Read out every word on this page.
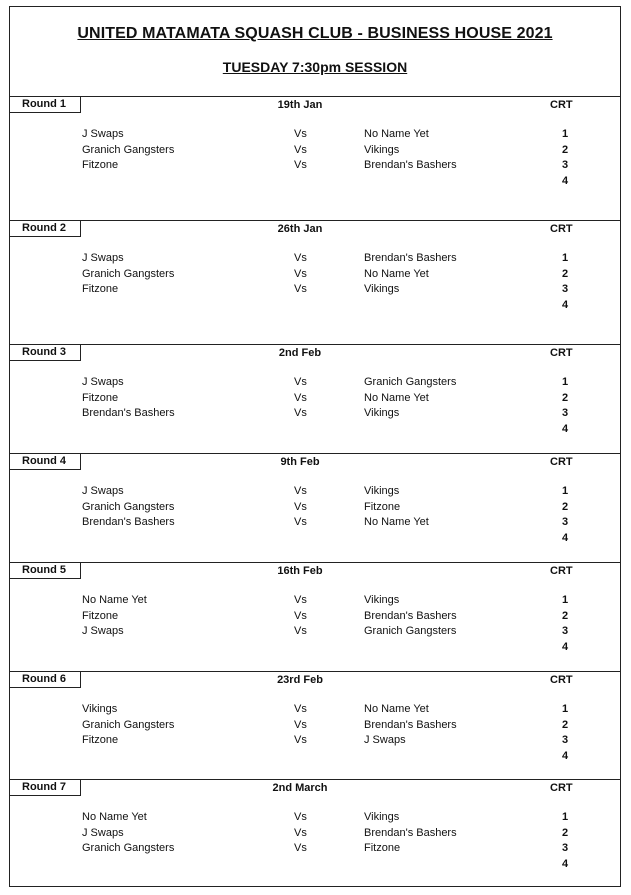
UNITED MATAMATA SQUASH CLUB - BUSINESS HOUSE 2021
TUESDAY 7:30pm SESSION
Round 1	19th Jan	CRT
J Swaps	Vs	No Name Yet	1
Granich Gangsters	Vs	Vikings	2
Fitzone	Vs	Brendan's Bashers	3
4
Round 2	26th Jan	CRT
J Swaps	Vs	Brendan's Bashers	1
Granich Gangsters	Vs	No Name Yet	2
Fitzone	Vs	Vikings	3
4
Round 3	2nd Feb	CRT
J Swaps	Vs	Granich Gangsters	1
Fitzone	Vs	No Name Yet	2
Brendan's Bashers	Vs	Vikings	3
4
Round 4	9th Feb	CRT
J Swaps	Vs	Vikings	1
Granich Gangsters	Vs	Fitzone	2
Brendan's Bashers	Vs	No Name Yet	3
4
Round 5	16th Feb	CRT
No Name Yet	Vs	Vikings	1
Fitzone	Vs	Brendan's Bashers	2
J Swaps	Vs	Granich Gangsters	3
4
Round 6	23rd Feb	CRT
Vikings	Vs	No Name Yet	1
Granich Gangsters	Vs	Brendan's Bashers	2
Fitzone	Vs	J Swaps	3
4
Round 7	2nd March	CRT
No Name Yet	Vs	Vikings	1
J Swaps	Vs	Brendan's Bashers	2
Granich Gangsters	Vs	Fitzone	3
4
